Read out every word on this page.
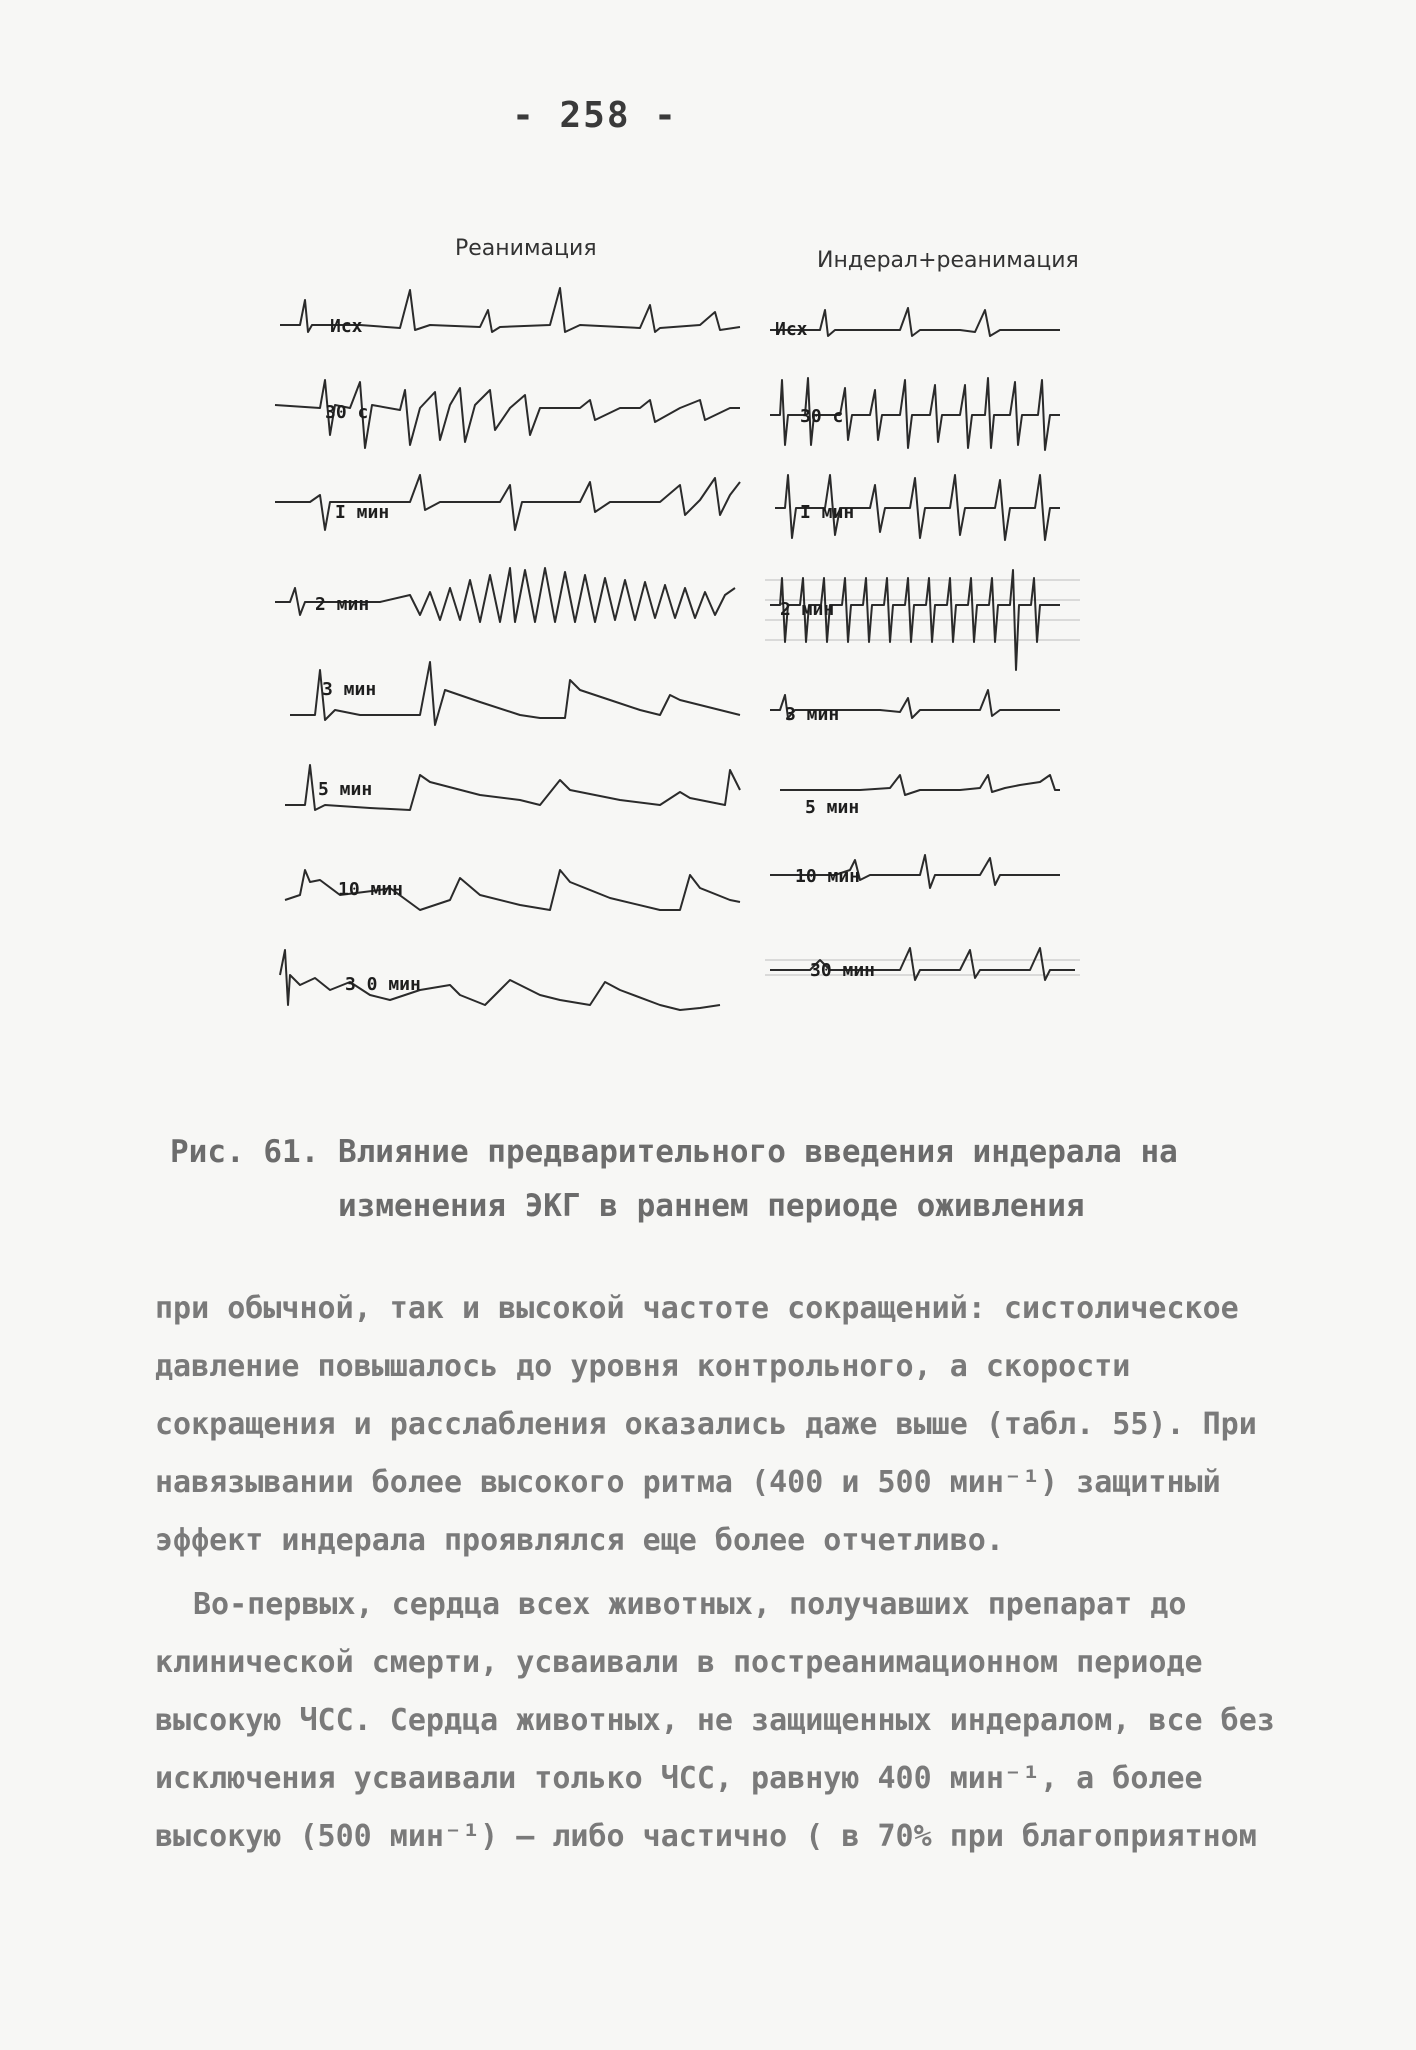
- 258 -
Реанимация	Индерал+реанимация
Исх
30 с
I мин
2 мин
3 мин
5 мин
10 мин
3 0 мин
Исх
30 с
I мин
2 мин
3 мин
5 мин
10 мин
30 мин
Рис. 61. Влияние предварительного введения индерала на
изменения ЭКГ в раннем периоде оживления

при обычной, так и высокой частоте сокращений: систолическое давление повышалось до уровня контрольного, а скорости сокращения и расслабления оказались даже выше (табл. 55). При навязывании более высокого ритма (400 и 500 мин⁻¹) защитный эффект индерала проявлялся еще более отчетливо.

Во-первых, сердца всех животных, получавших препарат до клинической смерти, усваивали в постреанимационном периоде высокую ЧСС. Сердца животных, не защищенных индералом, все без исключения усваивали только ЧСС, равную 400 мин⁻¹, а более высокую (500 мин⁻¹) – либо частично ( в 70% при благоприятном
